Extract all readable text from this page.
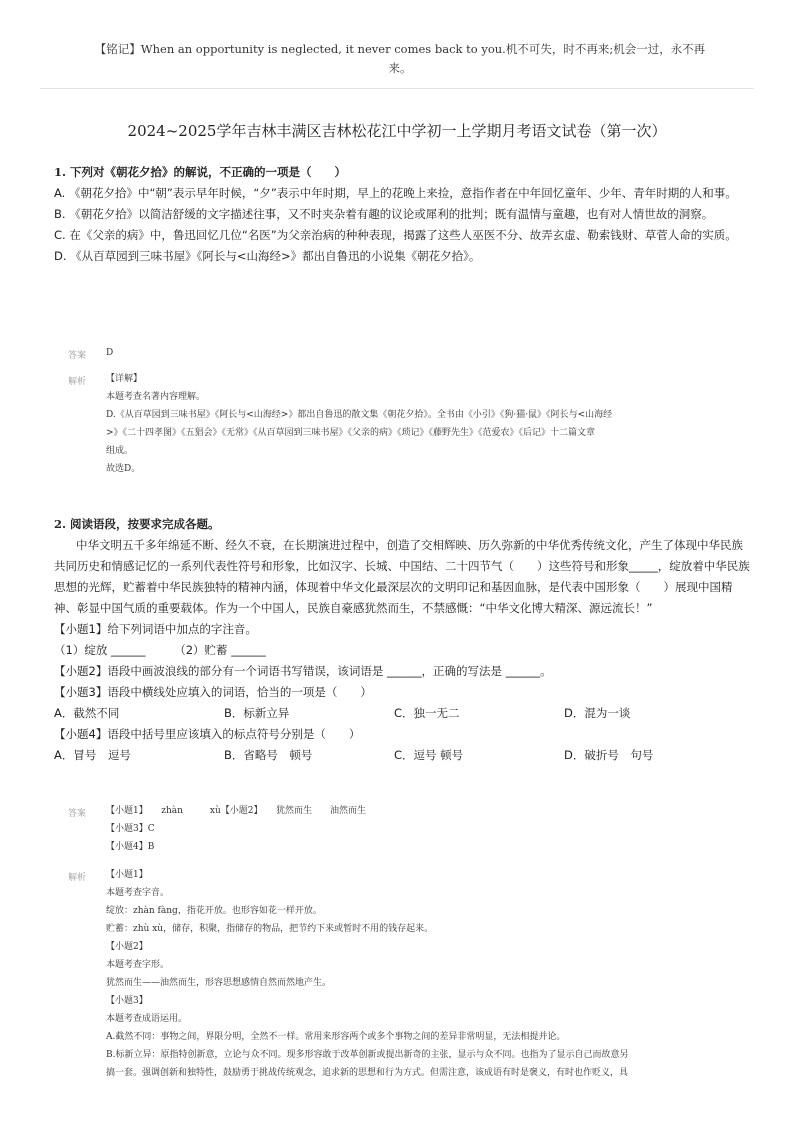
【铭记】When an opportunity is neglected, it never comes back to you.机不可失，时不再来;机会一过，永不再
来。
2024~2025学年吉林丰满区吉林松花江中学初一上学期月考语文试卷（第一次）
1. 下列对《朝花夕拾》的解说，不正确的一项是（　　）
A. 《朝花夕拾》中“朝”表示早年时候，“夕”表示中年时期，早上的花晚上来捡，意指作者在中年回忆童年、少年、青年时期的人和事。
B. 《朝花夕拾》以简洁舒缓的文字描述往事，又不时夹杂着有趣的议论或犀利的批判；既有温情与童趣，也有对人情世故的洞察。
C. 在《父亲的病》中，鲁迅回忆几位“名医”为父亲治病的种种表现，揭露了这些人巫医不分、故弄玄虚、勒索钱财、草菅人命的实质。
D. 《从百草园到三味书屋》《阿长与<山海经>》都出自鲁迅的小说集《朝花夕拾》。
答案 D
解析 【详解】
本题考查名著内容理解。
D.《从百草园到三味书屋》《阿长与<山海经>》都出自鲁迅的散文集《朝花夕拾》。全书由《小引》《狗·猫·鼠》《阿长与<山海经
>》《二十四孝图》《五猖会》《无常》《从百草园到三味书屋》《父亲的病》《琐记》《藤野先生》《范爱农》《后记》十二篇文章
组成。
故选D。
2. 阅读语段，按要求完成各题。
中华文明五千多年绵延不断、经久不衰，在长期演进过程中，创造了交相辉映、历久弥新的中华优秀传统文化，产生了体现中华民族共同历史和情感记忆的一系列代表性符号和形象，比如汉字、长城、中国结、二十四节气（　　）这些符号和形象_____，绽放着中华民族思想的光辉，贮蓄着中华民族独特的精神内涵，体现着中华文化最深层次的文明印记和基因血脉，是代表中国形象（　　）展现中国精神、彰显中国气质的重要载体。作为一个中国人，民族自豪感犹然而生，不禁感慨：“中华文化博大精深、源远流长！”
【小题1】给下列词语中加点的字注音。
（1）绽放 ______　　　（2）贮蓄 ______
【小题2】语段中画波浪线的部分有一个词语书写错误，该词语是 ______，正确的写法是 ______。
【小题3】语段中横线处应填入的词语，恰当的一项是（　　）
A．截然不同	B．标新立异	C．独一无二	D．混为一谈
【小题4】语段中括号里应该填入的标点符号分别是（　　）
A．冒号　逗号	B．省略号　顿号	C．逗号 顿号	D．破折号　句号
答案 【小题1】　　zhàn　　　xù【小题2】　　犹然而生　　油然而生
【小题3】C
【小题4】B
解析 【小题1】
本题考查字音。
绽放：zhàn fàng，指花开放。也形容如花一样开放。
贮蓄：zhù xù，储存，积聚，指储存的物品，把节约下来或暂时不用的钱存起来。
【小题2】
本题考查字形。
犹然而生——油然而生，形容思想感情自然而然地产生。
【小题3】
本题考查成语运用。
A.截然不同：事物之间，界限分明，全然不一样。常用来形容两个或多个事物之间的差异非常明显，无法相提并论。
B.标新立异：原指特创新意，立论与众不同。现多形容敢于改革创新或提出新奇的主张，显示与众不同。也指为了显示自己而故意另
搞一套。强调创新和独特性，鼓励勇于挑战传统观念，追求新的思想和行为方式。但需注意，该成语有时是褒义，有时也作贬义，具
